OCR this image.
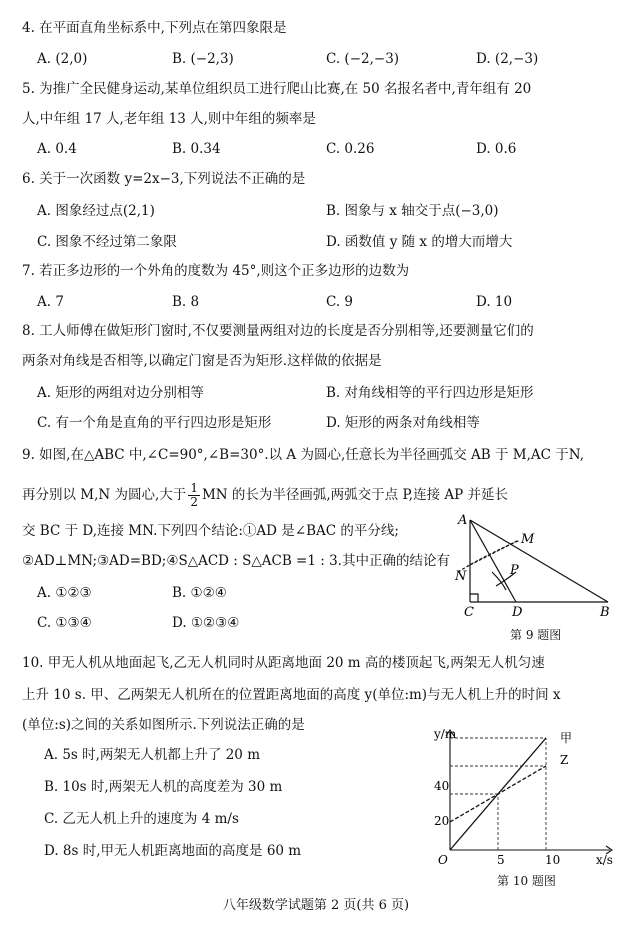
4. 在平面直角坐标系中,下列点在第四象限是
A. (2,0)	B. (−2,3)	C. (−2,−3)	D. (2,−3)
5. 为推广全民健身运动,某单位组织员工进行爬山比赛,在 50 名报名者中,青年组有 20
人,中年组 17 人,老年组 13 人,则中年组的频率是
A. 0.4	B. 0.34	C. 0.26	D. 0.6
6. 关于一次函数 y=2x−3,下列说法不正确的是
A. 图象经过点(2,1)	B. 图象与 x 轴交于点(−3,0)
C. 图象不经过第二象限	D. 函数值 y 随 x 的增大而增大
7. 若正多边形的一个外角的度数为 45°,则这个正多边形的边数为
A. 7	B. 8	C. 9	D. 10
8. 工人师傅在做矩形门窗时,不仅要测量两组对边的长度是否分别相等,还要测量它们的
两条对角线是否相等,以确定门窗是否为矩形.这样做的依据是
A. 矩形的两组对边分别相等	B. 对角线相等的平行四边形是矩形
C. 有一个角是直角的平行四边形是矩形	D. 矩形的两条对角线相等
9. 如图,在△ABC 中,∠C=90°,∠B=30°.以 A 为圆心,任意长为半径画弧交 AB 于 M,AC 于N,
再分别以 M,N 为圆心,大于 $\frac{1}{2}$ MN 的长为半径画弧,两弧交于点 P,连接 AP 并延长
交 BC 于 D,连接 MN.下列四个结论:①AD 是∠BAC 的平分线;
②AD⊥MN;③AD=BD;④S△ACD : S△ACB =1 : 3.其中正确的结论有
A. ①②③	B. ①②④
C. ①③④	D. ①②③④
A
M
N	P
C	D	B
第 9 题图
10. 甲无人机从地面起飞,乙无人机同时从距离地面 20 m 高的楼顶起飞,两架无人机匀速
上升 10 s. 甲、乙两架无人机所在的位置距离地面的高度 y(单位:m)与无人机上升的时间 x
(单位:s)之间的关系如图所示.下列说法正确的是
A. 5s 时,两架无人机都上升了 20 m
B. 10s 时,两架无人机的高度差为 30 m
C. 乙无人机上升的速度为 4 m/s
D. 8s 时,甲无人机距离地面的高度是 60 m
y/m
x/s
O
20
40
5	10
甲
Z
第 10 题图
八年级数学试题第 2 页(共 6 页)
